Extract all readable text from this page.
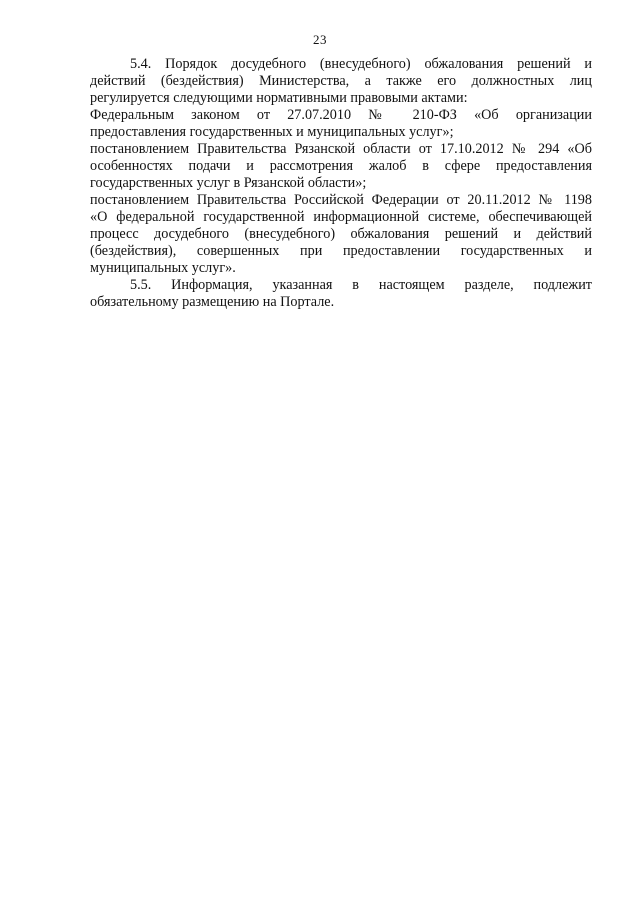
23

5.4. Порядок досудебного (внесудебного) обжалования решений и
действий (бездействия) Министерства, а также его должностных лиц
регулируется следующими нормативными правовыми актами:

Федеральным законом от 27.07.2010 № 210-ФЗ «Об организации
предоставления государственных и муниципальных услуг»;

постановлением Правительства Рязанской области от 17.10.2012 № 294 «Об
особенностях подачи и рассмотрения жалоб в сфере предоставления
государственных услуг в Рязанской области»;

постановлением Правительства Российской Федерации от 20.11.2012 № 1198
«О федеральной государственной информационной системе, обеспечивающей
процесс досудебного (внесудебного) обжалования решений и действий
(бездействия), совершенных при предоставлении государственных и
муниципальных услуг».

5.5. Информация, указанная в настоящем разделе, подлежит
обязательному размещению на Портале.
